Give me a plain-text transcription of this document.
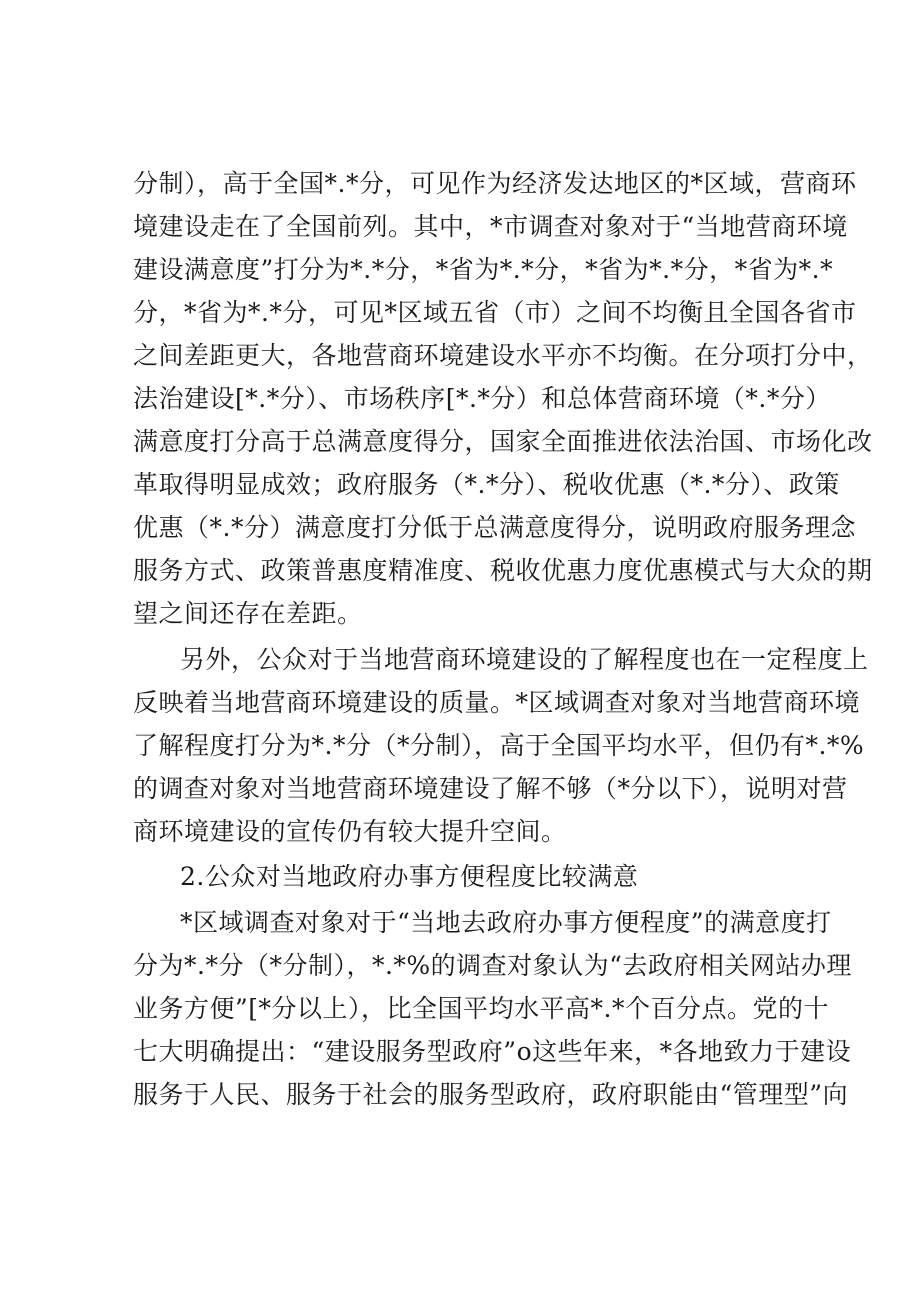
分制），高于全国*.*分，可见作为经济发达地区的*区域，营商环
境建设走在了全国前列。其中，*市调查对象对于“当地营商环境
建设满意度”打分为*.*分，*省为*.*分，*省为*.*分，*省为*.*
分，*省为*.*分，可见*区域五省（市）之间不均衡且全国各省市
之间差距更大，各地营商环境建设水平亦不均衡。在分项打分中，
法治建设[*.*分）、市场秩序[*.*分）和总体营商环境（*.*分）
满意度打分高于总满意度得分，国家全面推进依法治国、市场化改
革取得明显成效；政府服务（*.*分）、税收优惠（*.*分）、政策
优惠（*.*分）满意度打分低于总满意度得分，说明政府服务理念
服务方式、政策普惠度精准度、税收优惠力度优惠模式与大众的期
望之间还存在差距。
另外，公众对于当地营商环境建设的了解程度也在一定程度上
反映着当地营商环境建设的质量。*区域调查对象对当地营商环境
了解程度打分为*.*分（*分制），高于全国平均水平，但仍有*.*%
的调查对象对当地营商环境建设了解不够（*分以下），说明对营
商环境建设的宣传仍有较大提升空间。
2.公众对当地政府办事方便程度比较满意
*区域调查对象对于“当地去政府办事方便程度”的满意度打
分为*.*分（*分制），*.*%的调查对象认为“去政府相关网站办理
业务方便”[*分以上），比全国平均水平高*.*个百分点。党的十
七大明确提出：“建设服务型政府”o这些年来，*各地致力于建设
服务于人民、服务于社会的服务型政府，政府职能由“管理型”向
